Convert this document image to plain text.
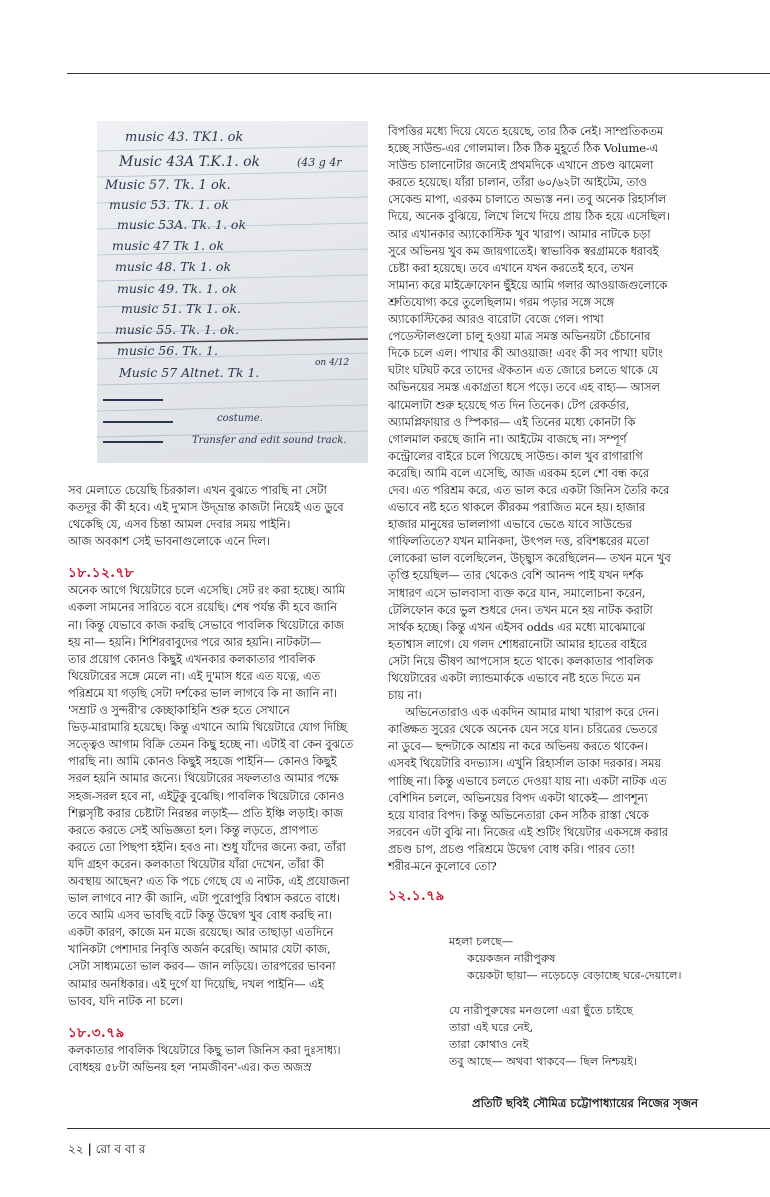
music 43. TK1. ok
Music 43A T.K.1. ok	(43 g 4r
Music 57. Tk. 1 ok.
music 53. Tk. 1. ok
music 53A. Tk. 1. ok
music 47 Tk 1. ok
music 48. Tk 1. ok
music 49. Tk. 1. ok
music 51. Tk 1. ok.
music 55. Tk. 1. ok.
music 56. Tk. 1.
Music 57 Altnet. Tk 1.
on 4/12
costume.
Transfer and edit sound track.

সব মেলাতে চেয়েছি চিরকাল। এখন বুঝতে পারছি না সেটা

কতদূর কী কী হবে। এই দু'মাস উদ্‌ভ্রান্ত কাজটা নিয়েই এত ডুবে

থেকেছি যে, এসব চিন্তা আমল দেবার সময় পাইনি।

আজ অবকাশ সেই ভাবনাগুলোকে এনে দিল।

১৮.১২.৭৮

অনেক আগে থিয়েটারে চলে এসেছি। সেট রং করা হচ্ছে। আমি

একলা সামনের সারিতে বসে রয়েছি। শেষ পর্যন্ত কী হবে জানি

না। কিন্তু যেভাবে কাজ করছি সেভাবে পাবলিক থিয়েটারে কাজ

হয় না— হয়নি। শিশিরবাবুদের পরে আর হয়নি। নাটকটা—

তার প্রয়োগ কোনও কিছুই এখনকার কলকাতার পাবলিক

থিয়েটারের সঙ্গে মেলে না। এই দু'মাস ধরে এত যত্নে, এত

পরিশ্রমে যা গড়ছি সেটা দর্শকের ভাল লাগবে কি না জানি না।

'সম্রাট ও সুন্দরী'র কেচ্ছাকাহিনি শুরু হতে সেখানে

ভিড়-মারামারি হয়েছে। কিন্তু এখানে আমি থিয়েটারে যোগ দিচ্ছি

সত্ত্বেও আগাম বিক্রি তেমন কিছু হচ্ছে না। এটাই বা কেন বুঝতে

পারছি না। আমি কোনও কিছুই সহজে পাইনি— কোনও কিছুই

সরল হয়নি আমার জন্যে। থিয়েটারের সফলতাও আমার পক্ষে

সহজ-সরল হবে না, এইটুকু বুঝেছি। পাবলিক থিয়েটারে কোনও

শিল্পসৃষ্টি করার চেষ্টাটা নিরন্তর লড়াই— প্রতি ইঞ্চি লড়াই। কাজ

করতে করতে সেই অভিজ্ঞতা হল। কিন্তু লড়তে, প্রাণপাত

করতে তো পিছপা হইনি। হবও না। শুধু যাঁদের জন্যে করা, তাঁরা

যদি গ্রহণ করেন। কলকাতা থিয়েটার যাঁরা দেখেন, তাঁরা কী

অবস্থায় আছেন? এত কি পচে গেছে যে এ নাটক, এই প্রযোজনা

ভাল লাগবে না? কী জানি, এটা পুরোপুরি বিশ্বাস করতে বাধে।

তবে আমি এসব ভাবছি বটে কিন্তু উদ্বেগ খুব বোধ করছি না।

একটা কারণ, কাজে মন মজে রয়েছে। আর তাছাড়া এতদিনে

খানিকটা পেশাদার নিবৃত্তি অর্জন করেছি। আমার যেটা কাজ,

সেটা সাধ্যমতো ভাল করব— জান লড়িয়ে। তারপরের ভাবনা

আমার অনধিকার। এই দুর্গে যা দিয়েছি, দখল পাইনি— এই

ভাবব, যদি নাটক না চলে।

১৮.৩.৭৯

কলকাতার পাবলিক থিয়েটারে কিছু ভাল জিনিস করা দুঃসাধ্য।

বোধহয় ৫৮টা অভিনয় হল 'নামজীবন'-এর। কত অজস্র

বিপত্তির মধ্যে দিয়ে যেতে হয়েছে, তার ঠিক নেই। সাম্প্রতিকতম

হচ্ছে সাউন্ড-এর গোলমাল। ঠিক ঠিক মুহূর্তে ঠিক Volume-এ

সাউন্ড চালানোটার জন্যেই প্রথমদিকে এখানে প্রচণ্ড ঝামেলা

করতে হয়েছে। যাঁরা চালান, তাঁরা ৬০/৬২টা আইটেম, তাও

সেকেন্ড মাপা, এরকম চালাতে অভ্যস্ত নন। তবু অনেক রিহার্সাল

দিয়ে, অনেক বুঝিয়ে, লিখে লিখে দিয়ে প্রায় ঠিক হয়ে এসেছিল।

আর এখানকার অ্যাকোস্টিক খুব খারাপ। আমার নাটকে চড়া

সুরে অভিনয় খুব কম জায়গাতেই। স্বাভাবিক স্বরগ্রামকে ধরাবই

চেষ্টা করা হয়েছে। তবে এখানে যখন করতেই হবে, তখন

সামান্য করে মাইক্রোফোন ছুঁইয়ে আমি গলার আওয়াজগুলোকে

শ্রুতিযোগ্য করে তুলেছিলাম। গরম পড়ার সঙ্গে সঙ্গে

অ্যাকোস্টিকের আরও বারোটা বেজে গেল। পাখা

পেডেস্টালগুলো চালু হওয়া মাত্র সমস্ত অভিনয়টা চেঁচানোর

দিকে চলে এল। পাখার কী আওয়াজ! এবং কী সব পাখা! ঘটাং

ঘটাং ঘটঘট করে তাদের ঐকতান এত জোরে চলতে থাকে যে

অভিনয়ের সমস্ত একাগ্রতা ধসে পড়ে। তবে এহ বাহ্য— আসল

ঝামেলাটা শুরু হয়েছে গত দিন তিনেক। টেপ রেকর্ডার,

অ্যামপ্লিফায়ার ও স্পিকার— এই তিনের মধ্যে কোনটা কি

গোলমাল করছে জানি না। আইটেম বাজছে না। সম্পূর্ণ

কন্ট্রোলের বাইরে চলে গিয়েছে সাউন্ড। কাল খুব রাগারাগি

করেছি। আমি বলে এসেছি, আজ এরকম হলে শো বন্ধ করে

দেব। এত পরিশ্রম করে, এত ভাল করে একটা জিনিস তৈরি করে

এভাবে নষ্ট হতে থাকলে কীরকম পরাজিত মনে হয়। হাজার

হাজার মানুষের ভাললাগা এভাবে ভেঙে যাবে সাউন্ডের

গাফিলতিতে? যখন মানিকদা, উৎপল দত্ত, রবিশঙ্করের মতো

লোকেরা ভাল বলেছিলেন, উচ্ছ্বাস করেছিলেন— তখন মনে খুব

তৃপ্তি হয়েছিল— তার থেকেও বেশি আনন্দ পাই যখন দর্শক

সাধারণ এসে ভালবাসা ব্যক্ত করে যান, সমালোচনা করেন,

টেলিফোন করে ভুল শুধরে দেন। তখন মনে হয় নাটক করাটা

সার্থক হচ্ছে। কিন্তু এখন এইসব odds এর মধ্যে মাঝেমাঝে

হতাশ্বাস লাগে। যে গলদ শোধরানোটা আমার হাতের বাইরে

সেটা নিয়ে ভীষণ আপসোস হতে থাকে। কলকাতার পাবলিক

থিয়েটারের একটা ল্যান্ডমার্ককে এভাবে নষ্ট হতে দিতে মন

চায় না।

অভিনেতারাও এক একদিন আমার মাথা খারাপ করে দেন।

কাঙ্ক্ষিত সুরের থেকে অনেক যেন সরে যান। চরিত্রের ভেতরে

না ডুবে— ছন্দটাকে আশ্রয় না করে অভিনয় করতে থাকেন।

এসবই থিয়েটারি বদভ্যাস। এখুনি রিহার্সাল ডাকা দরকার। সময়

পাচ্ছি না। কিন্তু এভাবে চলতে দেওয়া যায় না। একটা নাটক এত

বেশিদিন চললে, অভিনয়ের বিপদ একটা থাকেই— প্রাণশূন্য

হয়ে যাবার বিপদ। কিন্তু অভিনেতারা কেন সঠিক রাস্তা থেকে

সরবেন এটা বুঝি না। নিজের এই শুটিং থিয়েটার একসঙ্গে করার

প্রচণ্ড চাপ, প্রচণ্ড পরিশ্রমে উদ্বেগ বোধ করি। পারব তো!

শরীর-মনে কুলোবে তো?

১২.১.৭৯

মহলা চলছে—

কয়েকজন নারীপুরুষ

কয়েকটা ছায়া— নড়েচড়ে বেড়াচ্ছে ঘরে-দেয়ালে।

যে নারীপুরুষের মনগুলো এরা ছুঁতে চাইছে

তারা এই ঘরে নেই,

তারা কোথাও নেই

তবু আছে— অথবা থাকবে— ছিল নিশ্চয়ই।

প্রতিটি ছবিই সৌমিত্র চট্টোপাধ্যায়ের নিজের সৃজন
২২ | রো ব বা র
